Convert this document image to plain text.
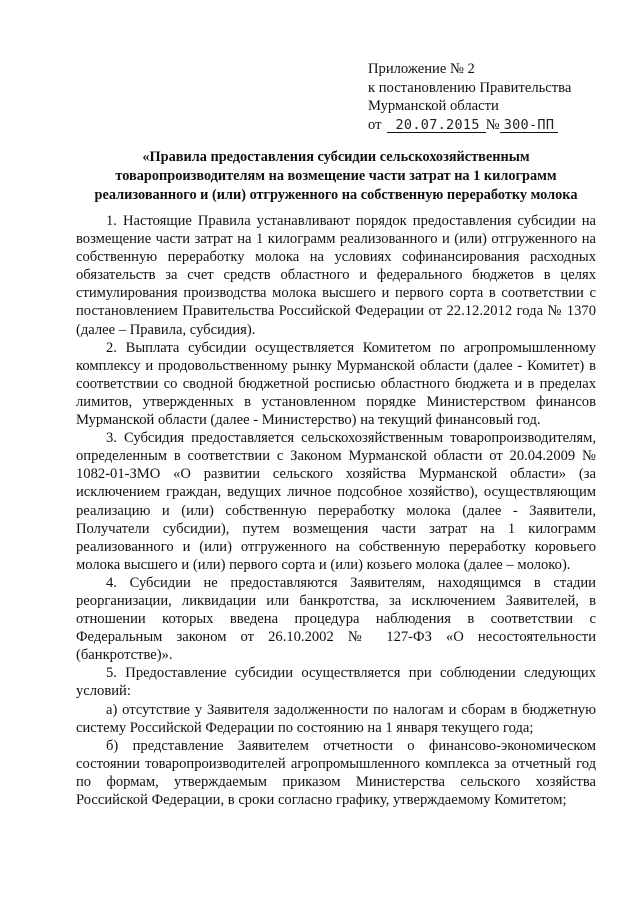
Приложение № 2
к постановлению Правительства
Мурманской области
от 20.07.2015 № 300-ПП
«Правила предоставления субсидии сельскохозяйственным товаропроизводителям на возмещение части затрат на 1 килограмм реализованного и (или) отгруженного на собственную переработку молока

1. Настоящие Правила устанавливают порядок предоставления субсидии на возмещение части затрат на 1 килограмм реализованного и (или) отгруженного на собственную переработку молока на условиях софинансирования расходных обязательств за счет средств областного и федерального бюджетов в целях стимулирования производства молока высшего и первого сорта в соответствии с постановлением Правительства Российской Федерации от 22.12.2012 года № 1370 (далее – Правила, субсидия).

2. Выплата субсидии осуществляется Комитетом по агропромышленному комплексу и продовольственному рынку Мурманской области (далее - Комитет) в соответствии со сводной бюджетной росписью областного бюджета и в пределах лимитов, утвержденных в установленном порядке Министерством финансов Мурманской области (далее - Министерство) на текущий финансовый год.

3. Субсидия предоставляется сельскохозяйственным товаропроизводителям, определенным в соответствии с Законом Мурманской области от 20.04.2009 № 1082-01-ЗМО «О развитии сельского хозяйства Мурманской области» (за исключением граждан, ведущих личное подсобное хозяйство), осуществляющим реализацию и (или) собственную переработку молока (далее - Заявители, Получатели субсидии), путем возмещения части затрат на 1 килограмм реализованного и (или) отгруженного на собственную переработку коровьего молока высшего и (или) первого сорта и (или) козьего молока (далее – молоко).

4. Субсидии не предоставляются Заявителям, находящимся в стадии реорганизации, ликвидации или банкротства, за исключением Заявителей, в отношении которых введена процедура наблюдения в соответствии с Федеральным законом от 26.10.2002 № 127-ФЗ «О несостоятельности (банкротстве)».

5. Предоставление субсидии осуществляется при соблюдении следующих условий:

а) отсутствие у Заявителя задолженности по налогам и сборам в бюджетную систему Российской Федерации по состоянию на 1 января текущего года;

б) представление Заявителем отчетности о финансово-экономическом состоянии товаропроизводителей агропромышленного комплекса за отчетный год по формам, утверждаемым приказом Министерства сельского хозяйства Российской Федерации, в сроки согласно графику, утверждаемому Комитетом;
